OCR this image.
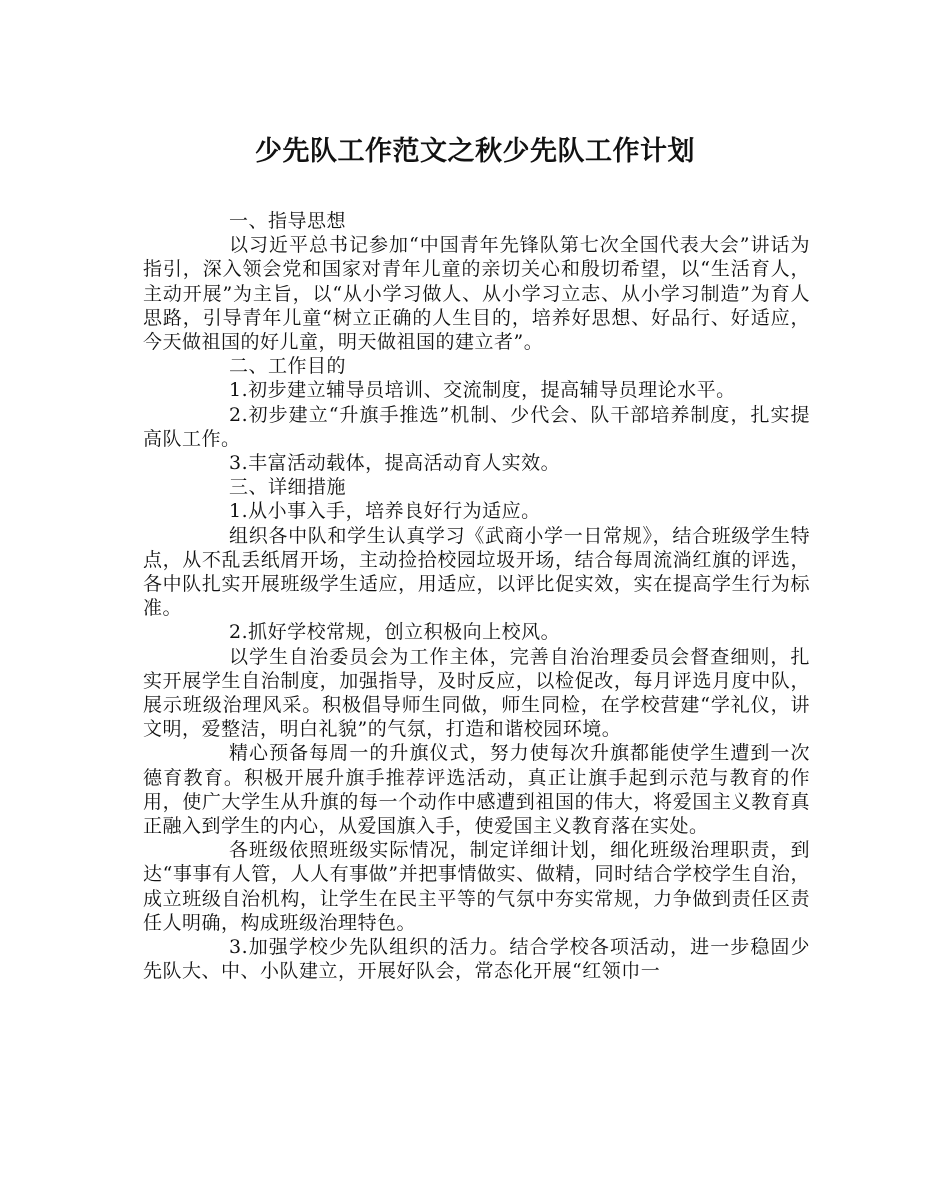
少先队工作范文之秋少先队工作计划

一、指导思想

以习近平总书记参加“中国青年先锋队第七次全国代表大会”讲话为指引，深入领会党和国家对青年儿童的亲切关心和殷切希望，以“生活育人，主动开展”为主旨，以“从小学习做人、从小学习立志、从小学习制造”为育人思路，引导青年儿童“树立正确的人生目的，培养好思想、好品行、好适应，今天做祖国的好儿童，明天做祖国的建立者”。

二、工作目的

1.初步建立辅导员培训、交流制度，提高辅导员理论水平。

2.初步建立“升旗手推选”机制、少代会、队干部培养制度，扎实提高队工作。

3.丰富活动载体，提高活动育人实效。

三、详细措施

1.从小事入手，培养良好行为适应。

组织各中队和学生认真学习《武商小学一日常规》，结合班级学生特点，从不乱丢纸屑开场，主动捡拾校园垃圾开场，结合每周流淌红旗的评选，各中队扎实开展班级学生适应，用适应，以评比促实效，实在提高学生行为标准。

2.抓好学校常规，创立积极向上校风。

以学生自治委员会为工作主体，完善自治治理委员会督查细则，扎实开展学生自治制度，加强指导，及时反应，以检促改，每月评选月度中队，展示班级治理风采。积极倡导师生同做，师生同检，在学校营建“学礼仪，讲文明，爱整洁，明白礼貌”的气氛，打造和谐校园环境。

精心预备每周一的升旗仪式，努力使每次升旗都能使学生遭到一次德育教育。积极开展升旗手推荐评选活动，真正让旗手起到示范与教育的作用，使广大学生从升旗的每一个动作中感遭到祖国的伟大，将爱国主义教育真正融入到学生的内心，从爱国旗入手，使爱国主义教育落在实处。

各班级依照班级实际情况，制定详细计划，细化班级治理职责，到达“事事有人管，人人有事做”并把事情做实、做精，同时结合学校学生自治，成立班级自治机构，让学生在民主平等的气氛中夯实常规，力争做到责任区责任人明确，构成班级治理特色。

3.加强学校少先队组织的活力。结合学校各项活动，进一步稳固少先队大、中、小队建立，开展好队会，常态化开展“红领巾一
